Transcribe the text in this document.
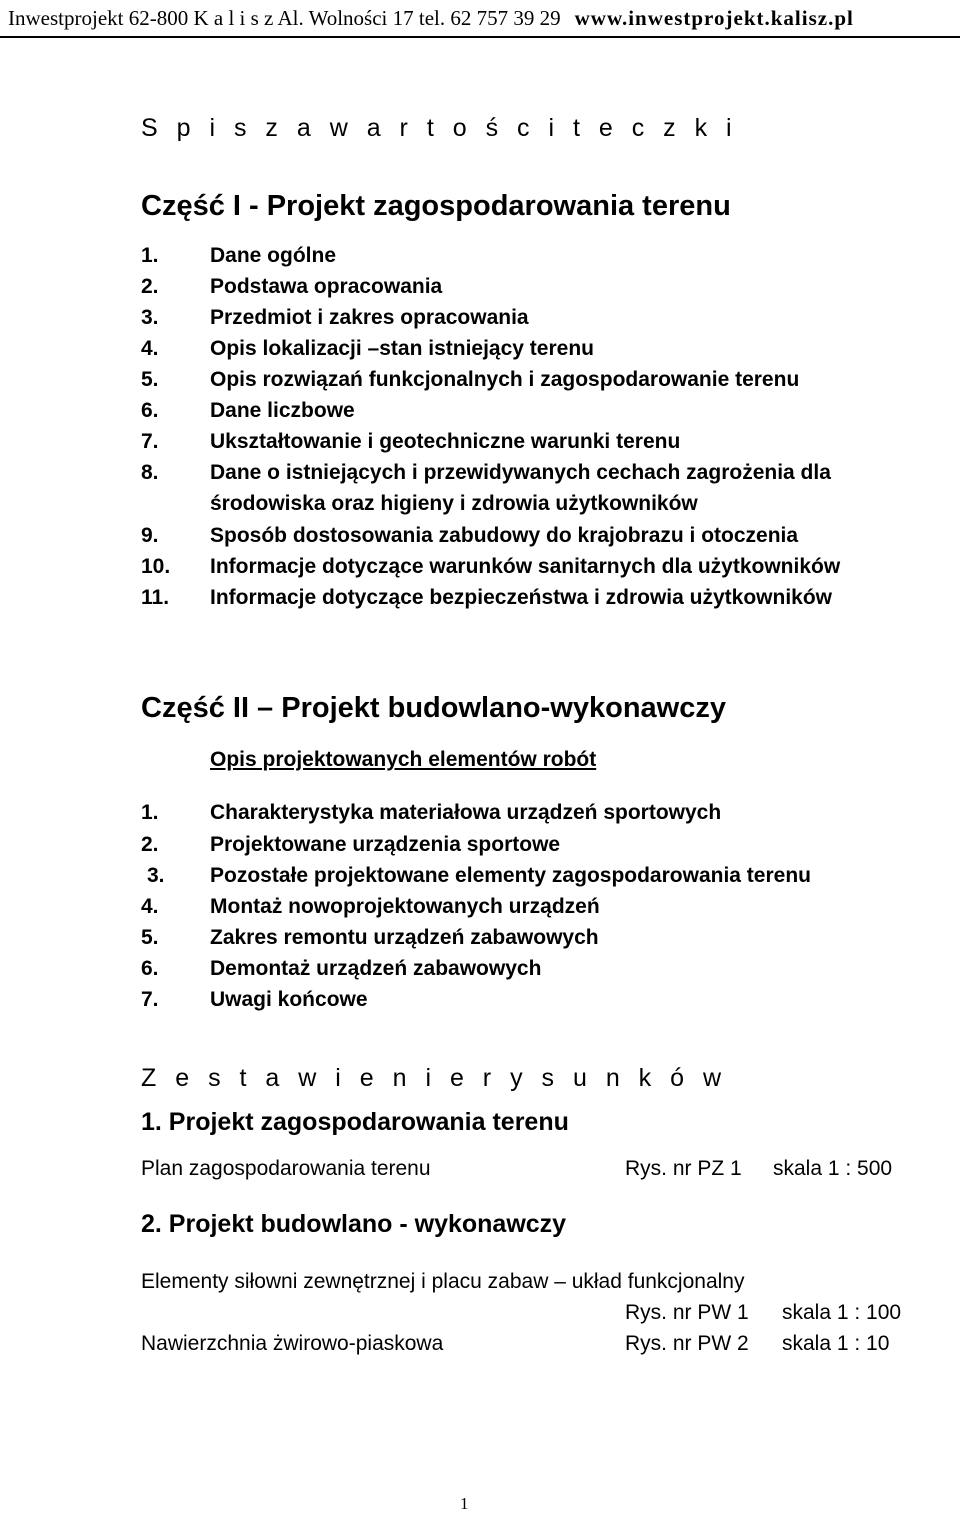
Inwestprojekt 62-800 K a l i s z Al. Wolności 17 tel. 62 757 39 29 www.inwestprojekt.kalisz.pl
S p i s z a w a r t o ś c i t e c z k i
Część I - Projekt zagospodarowania terenu
1. Dane ogólne
2. Podstawa opracowania
3. Przedmiot i zakres opracowania
4. Opis lokalizacji –stan istniejący terenu
5. Opis rozwiązań funkcjonalnych i zagospodarowanie terenu
6. Dane liczbowe
7. Ukształtowanie i geotechniczne warunki terenu
8. Dane o istniejących i przewidywanych cechach zagrożenia dla
środowiska oraz higieny i zdrowia użytkowników
9. Sposób dostosowania zabudowy do krajobrazu i otoczenia
10. Informacje dotyczące warunków sanitarnych dla użytkowników
11. Informacje dotyczące bezpieczeństwa i zdrowia użytkowników
Część II – Projekt budowlano-wykonawczy
Opis projektowanych elementów robót
1. Charakterystyka materiałowa urządzeń sportowych
2. Projektowane urządzenia sportowe
3. Pozostałe projektowane elementy zagospodarowania terenu
4. Montaż nowoprojektowanych urządzeń
5. Zakres remontu urządzeń zabawowych
6. Demontaż urządzeń zabawowych
7. Uwagi końcowe
Z e s t a w i e n i e r y s u n k ó w
1. Projekt zagospodarowania terenu
Plan zagospodarowania terenu	Rys. nr PZ 1 skala 1 : 500
2. Projekt budowlano - wykonawczy
Elementy siłowni zewnętrznej i placu zabaw – układ funkcjonalny
Rys. nr PW 1 skala 1 : 100
Nawierzchnia żwirowo-piaskowa	Rys. nr PW 2 skala 1 : 10
1
